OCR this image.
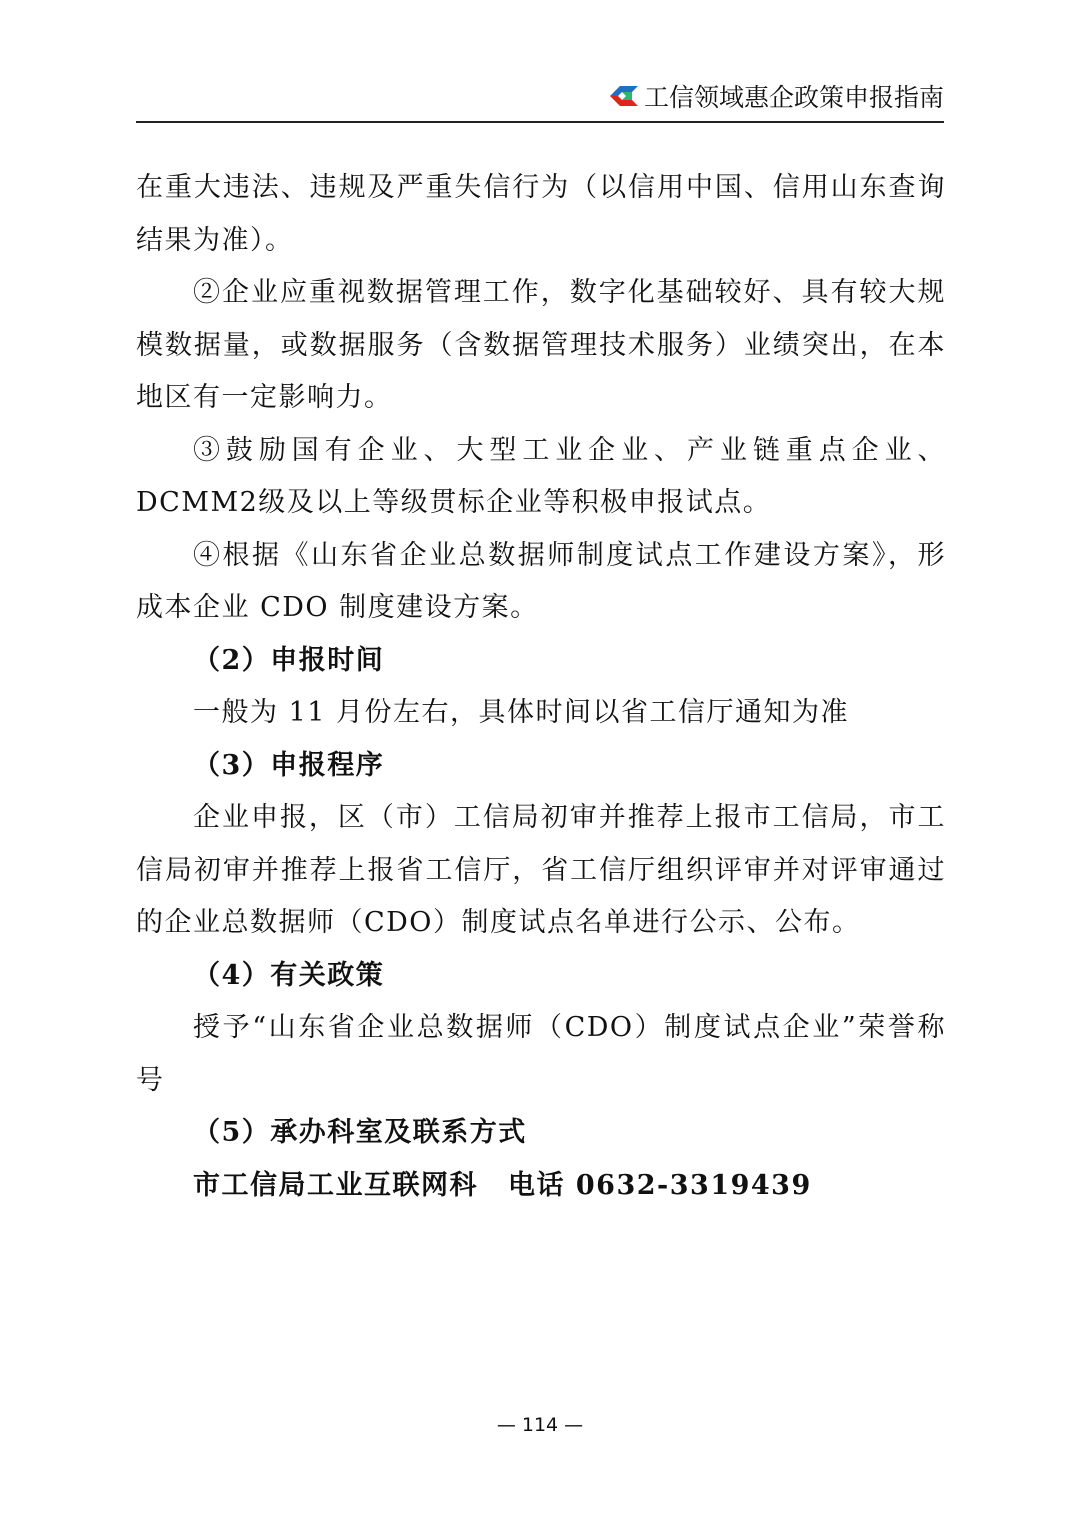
工信领域惠企政策申报指南

在重大违法、违规及严重失信行为（以信用中国、信用山东查询结果为准）。

②企业应重视数据管理工作，数字化基础较好、具有较大规模数据量，或数据服务（含数据管理技术服务）业绩突出，在本地区有一定影响力。

③鼓励国有企业、大型工业企业、产业链重点企业、DCMM2级及以上等级贯标企业等积极申报试点。

④根据《山东省企业总数据师制度试点工作建设方案》，形成本企业 CDO 制度建设方案。

（2）申报时间

一般为 11 月份左右，具体时间以省工信厅通知为准

（3）申报程序

企业申报，区（市）工信局初审并推荐上报市工信局，市工信局初审并推荐上报省工信厅，省工信厅组织评审并对评审通过的企业总数据师（CDO）制度试点名单进行公示、公布。

（4）有关政策

授予“山东省企业总数据师（CDO）制度试点企业”荣誉称号

（5）承办科室及联系方式

市工信局工业互联网科 电话 0632-3319439

— 114 —
